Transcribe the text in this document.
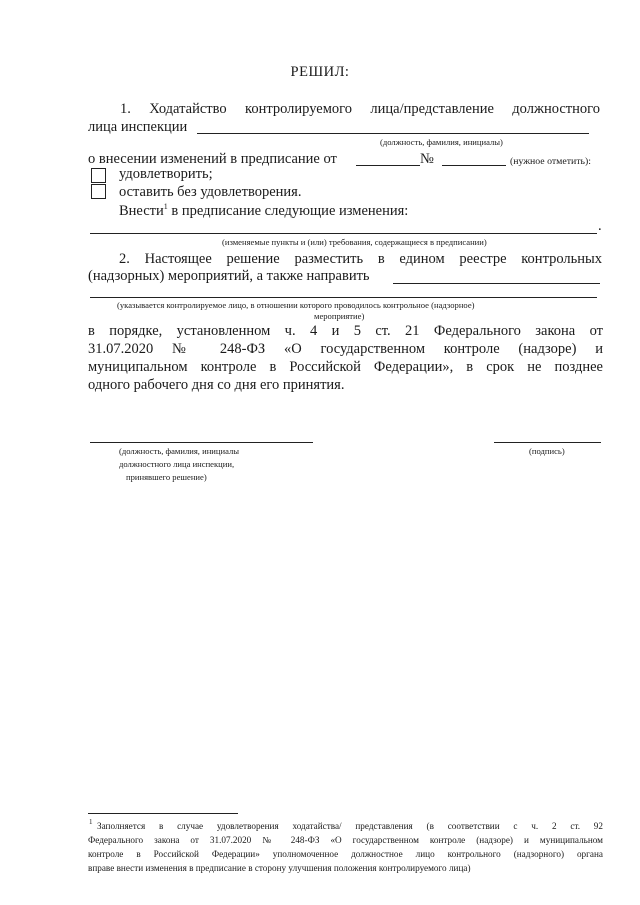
РЕШИЛ:
1. Ходатайство контролируемого лица/представление должностного
лица инспекции
(должность, фамилия, инициалы)
о внесении изменений в предписание от	№	(нужное отметить):
удовлетворить;
оставить без удовлетворения.
Внести$^1$ в предписание следующие изменения:
.
(изменяемые пункты и (или) требования, содержащиеся в предписании)
2. Настоящее решение разместить в едином реестре контрольных
(надзорных) мероприятий, а также направить
(указывается контролируемое лицо, в отношении которого проводилось контрольное (надзорное)
мероприятие)
в порядке, установленном ч. 4 и 5 ст. 21 Федерального закона от
31.07.2020 № 248-ФЗ «О государственном контроле (надзоре) и
муниципальном контроле в Российской Федерации», в срок не позднее
одного рабочего дня со дня его принятия.
(должность, фамилия, инициалы
должностного лица инспекции,
принявшего решение)
(подпись)
1 Заполняется в случае удовлетворения ходатайства/ представления (в соответствии с ч. 2 ст. 92
Федерального закона от 31.07.2020 № 248-ФЗ «О государственном контроле (надзоре) и муниципальном
контроле в Российской Федерации» уполномоченное должностное лицо контрольного (надзорного) органа
вправе внести изменения в предписание в сторону улучшения положения контролируемого лица)
